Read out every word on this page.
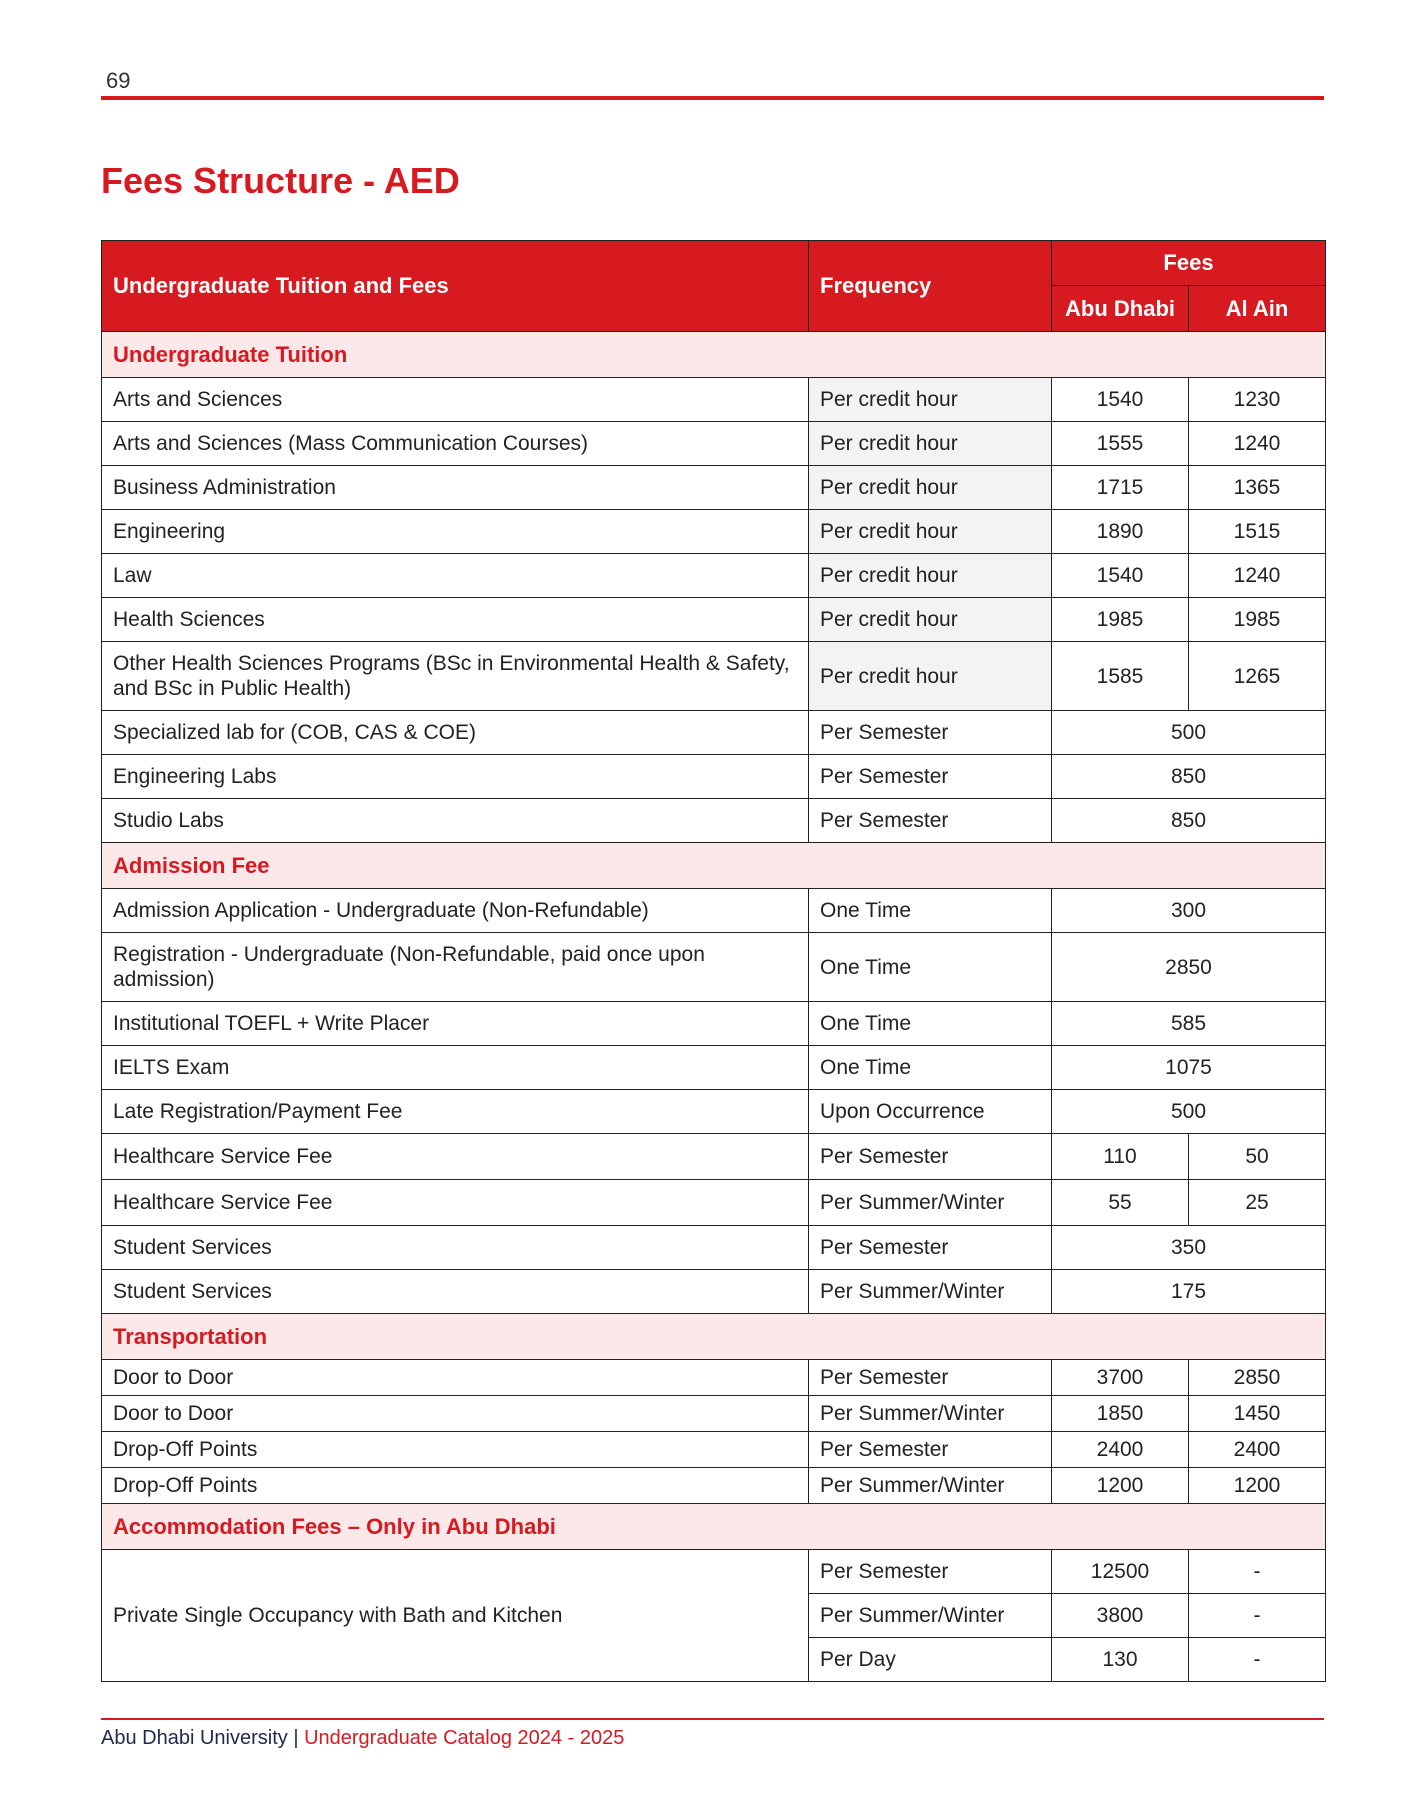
69
Fees Structure - AED
Undergraduate Tuition and Fees	Frequency	Fees	
		Abu Dhabi	Al Ain
Undergraduate Tuition			
Arts and Sciences	Per credit hour	1540	1230
Arts and Sciences (Mass Communication Courses)	Per credit hour	1555	1240
Business Administration	Per credit hour	1715	1365
Engineering	Per credit hour	1890	1515
Law	Per credit hour	1540	1240
Health Sciences	Per credit hour	1985	1985
Other Health Sciences Programs (BSc in Environmental Health & Safety, and BSc in Public Health)	Per credit hour	1585	1265
Specialized lab for (COB, CAS & COE)	Per Semester	500	
Engineering Labs	Per Semester	850	
Studio Labs	Per Semester	850	
Admission Fee			
Admission Application - Undergraduate (Non-Refundable)	One Time	300	
Registration - Undergraduate (Non-Refundable, paid once upon admission)	One Time	2850	
Institutional TOEFL + Write Placer	One Time	585	
IELTS Exam	One Time	1075	
Late Registration/Payment Fee	Upon Occurrence	500	
Healthcare Service Fee	Per Semester	110	50
Healthcare Service Fee	Per Summer/Winter	55	25
Student Services	Per Semester	350	
Student Services	Per Summer/Winter	175	
Transportation			
Door to Door	Per Semester	3700	2850
Door to Door	Per Summer/Winter	1850	1450
Drop-Off Points	Per Semester	2400	2400
Drop-Off Points	Per Summer/Winter	1200	1200
Accommodation Fees – Only in Abu Dhabi			
Private Single Occupancy with Bath and Kitchen	Per Semester	12500	-
	Per Summer/Winter	3800	-
	Per Day	130	-
Abu Dhabi University | Undergraduate Catalog 2024 - 2025
